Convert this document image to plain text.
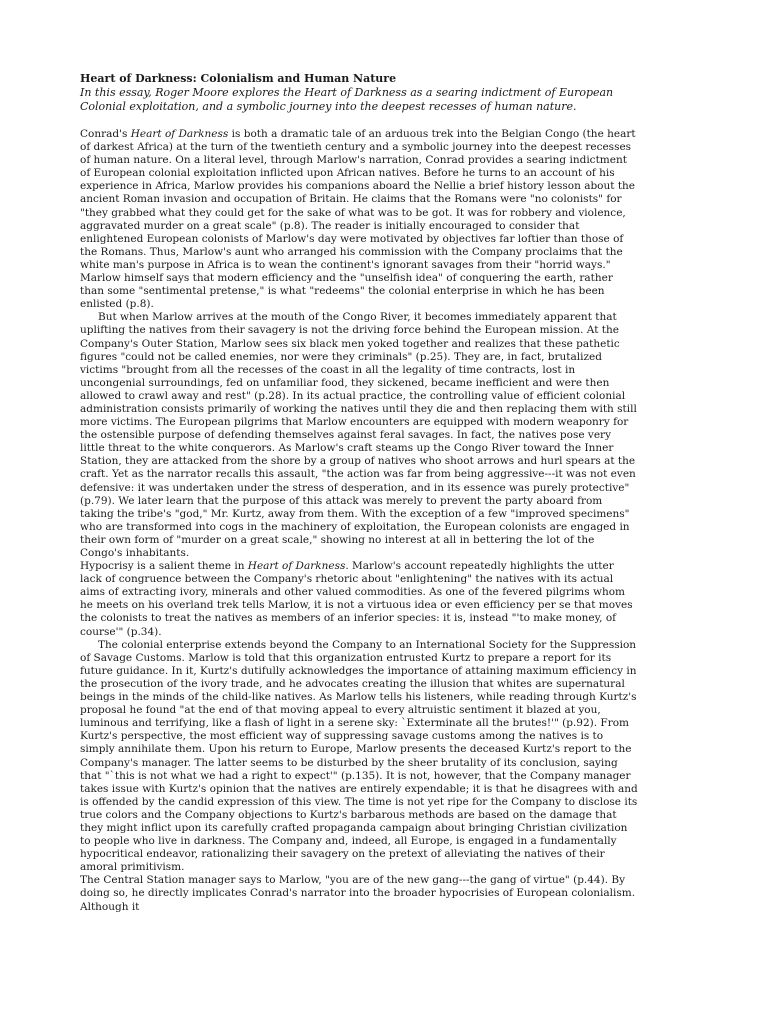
Heart of Darkness: Colonialism and Human Nature

In this essay, Roger Moore explores the Heart of Darkness as a searing indictment of European Colonial exploitation, and a symbolic journey into the deepest recesses of human nature.

Conrad's Heart of Darkness is both a dramatic tale of an arduous trek into the Belgian Congo (the heart of darkest Africa) at the turn of the twentieth century and a symbolic journey into the deepest recesses of human nature. On a literal level, through Marlow's narration, Conrad provides a searing indictment of European colonial exploitation inflicted upon African natives. Before he turns to an account of his experience in Africa, Marlow provides his companions aboard the Nellie a brief history lesson about the ancient Roman invasion and occupation of Britain. He claims that the Romans were "no colonists" for "they grabbed what they could get for the sake of what was to be got. It was for robbery and violence, aggravated murder on a great scale" (p.8). The reader is initially encouraged to consider that enlightened European colonists of Marlow's day were motivated by objectives far loftier than those of the Romans. Thus, Marlow's aunt who arranged his commission with the Company proclaims that the white man's purpose in Africa is to wean the continent's ignorant savages from their "horrid ways." Marlow himself says that modern efficiency and the "unselfish idea" of conquering the earth, rather than some "sentimental pretense," is what "redeems" the colonial enterprise in which he has been enlisted (p.8).

But when Marlow arrives at the mouth of the Congo River, it becomes immediately apparent that uplifting the natives from their savagery is not the driving force behind the European mission. At the Company's Outer Station, Marlow sees six black men yoked together and realizes that these pathetic figures "could not be called enemies, nor were they criminals" (p.25). They are, in fact, brutalized victims "brought from all the recesses of the coast in all the legality of time contracts, lost in uncongenial surroundings, fed on unfamiliar food, they sickened, became inefficient and were then allowed to crawl away and rest" (p.28). In its actual practice, the controlling value of efficient colonial administration consists primarily of working the natives until they die and then replacing them with still more victims. The European pilgrims that Marlow encounters are equipped with modern weaponry for the ostensible purpose of defending themselves against feral savages. In fact, the natives pose very little threat to the white conquerors. As Marlow's craft steams up the Congo River toward the Inner Station, they are attacked from the shore by a group of natives who shoot arrows and hurl spears at the craft. Yet as the narrator recalls this assault, "the action was far from being aggressive---it was not even defensive: it was undertaken under the stress of desperation, and in its essence was purely protective" (p.79). We later learn that the purpose of this attack was merely to prevent the party aboard from taking the tribe's "god," Mr. Kurtz, away from them. With the exception of a few "improved specimens" who are transformed into cogs in the machinery of exploitation, the European colonists are engaged in their own form of "murder on a great scale," showing no interest at all in bettering the lot of the Congo's inhabitants.

Hypocrisy is a salient theme in Heart of Darkness. Marlow's account repeatedly highlights the utter lack of congruence between the Company's rhetoric about "enlightening" the natives with its actual aims of extracting ivory, minerals and other valued commodities. As one of the fevered pilgrims whom he meets on his overland trek tells Marlow, it is not a virtuous idea or even efficiency per se that moves the colonists to treat the natives as members of an inferior species: it is, instead "'to make money, of course'" (p.34).

The colonial enterprise extends beyond the Company to an International Society for the Suppression of Savage Customs. Marlow is told that this organization entrusted Kurtz to prepare a report for its future guidance. In it, Kurtz's dutifully acknowledges the importance of attaining maximum efficiency in the prosecution of the ivory trade, and he advocates creating the illusion that whites are supernatural beings in the minds of the child-like natives. As Marlow tells his listeners, while reading through Kurtz's proposal he found "at the end of that moving appeal to every altruistic sentiment it blazed at you, luminous and terrifying, like a flash of light in a serene sky: `Exterminate all the brutes!'" (p.92). From Kurtz's perspective, the most efficient way of suppressing savage customs among the natives is to simply annihilate them. Upon his return to Europe, Marlow presents the deceased Kurtz's report to the Company's manager. The latter seems to be disturbed by the sheer brutality of its conclusion, saying that "`this is not what we had a right to expect'" (p.135). It is not, however, that the Company manager takes issue with Kurtz's opinion that the natives are entirely expendable; it is that he disagrees with and is offended by the candid expression of this view. The time is not yet ripe for the Company to disclose its true colors and the Company objections to Kurtz's barbarous methods are based on the damage that they might inflict upon its carefully crafted propaganda campaign about bringing Christian civilization to people who live in darkness. The Company and, indeed, all Europe, is engaged in a fundamentally hypocritical endeavor, rationalizing their savagery on the pretext of alleviating the natives of their amoral primitivism.

The Central Station manager says to Marlow, "you are of the new gang---the gang of virtue" (p.44). By doing so, he directly implicates Conrad's narrator into the broader hypocrisies of European colonialism. Although it
